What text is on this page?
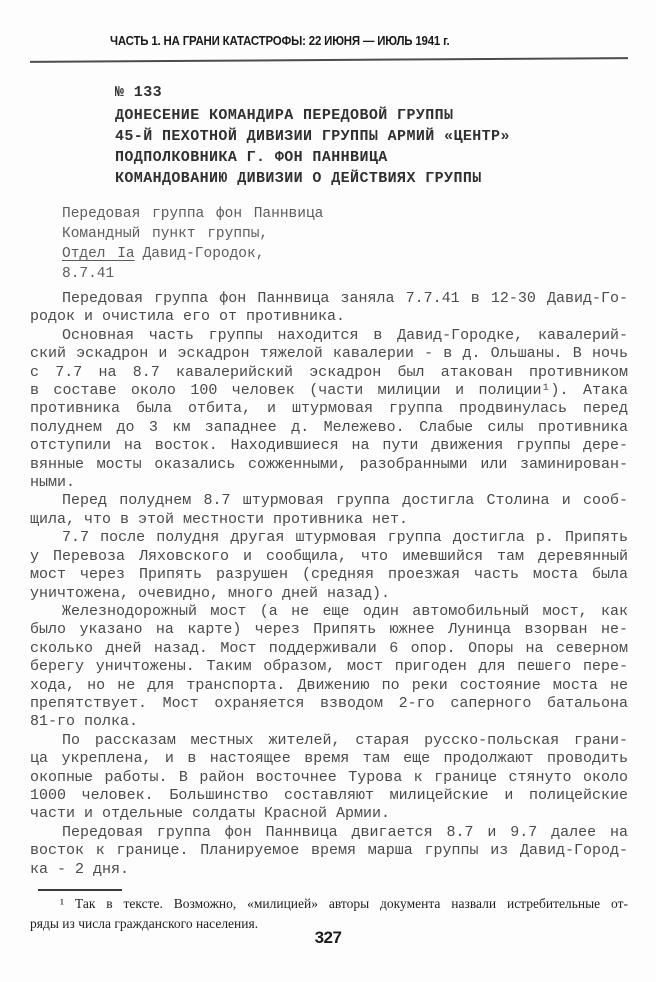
ЧАСТЬ 1. НА ГРАНИ КАТАСТРОФЫ: 22 ИЮНЯ — ИЮЛЬ 1941 г.
№ 133
ДОНЕСЕНИЕ КОМАНДИРА ПЕРЕДОВОЙ ГРУППЫ
45-Й ПЕХОТНОЙ ДИВИЗИИ ГРУППЫ АРМИЙ «ЦЕНТР»
ПОДПОЛКОВНИКА Г. ФОН ПАННВИЦА
КОМАНДОВАНИЮ ДИВИЗИИ О ДЕЙСТВИЯХ ГРУППЫ
Передовая группа фон Паннвица
Командный пункт группы,
Отдел Ia Давид-Городок,
8.7.41
Передовая группа фон Паннвица заняла 7.7.41 в 12-30 Давид-Го-
родок и очистила его от противника.
Основная часть группы находится в Давид-Городке, кавалерий-
ский эскадрон и эскадрон тяжелой кавалерии - в д. Ольшаны. В ночь
с 7.7 на 8.7 кавалерийский эскадрон был атакован противником
в составе около 100 человек (части милиции и полиции¹). Атака
противника была отбита, и штурмовая группа продвинулась перед
полуднем до 3 км западнее д. Мележево. Слабые силы противника
отступили на восток. Находившиеся на пути движения группы дере-
вянные мосты оказались сожженными, разобранными или заминирован-
ными.
Перед полуднем 8.7 штурмовая группа достигла Столина и сооб-
щила, что в этой местности противника нет.
7.7 после полудня другая штурмовая группа достигла р. Припять
у Перевоза Ляховского и сообщила, что имевшийся там деревянный
мост через Припять разрушен (средняя проезжая часть моста была
уничтожена, очевидно, много дней назад).
Железнодорожный мост (а не еще один автомобильный мост, как
было указано на карте) через Припять южнее Лунинца взорван не-
сколько дней назад. Мост поддерживали 6 опор. Опоры на северном
берегу уничтожены. Таким образом, мост пригоден для пешего пере-
хода, но не для транспорта. Движению по реки состояние моста не
препятствует. Мост охраняется взводом 2-го саперного батальона
81-го полка.
По рассказам местных жителей, старая русско-польская грани-
ца укреплена, и в настоящее время там еще продолжают проводить
окопные работы. В район восточнее Турова к границе стянуто около
1000 человек. Большинство составляют милицейские и полицейские
части и отдельные солдаты Красной Армии.
Передовая группа фон Паннвица двигается 8.7 и 9.7 далее на
восток к границе. Планируемое время марша группы из Давид-Город-
ка - 2 дня.
¹ Так в тексте. Возможно, «милицией» авторы документа назвали истребительные от-
ряды из числа гражданского населения.
327
